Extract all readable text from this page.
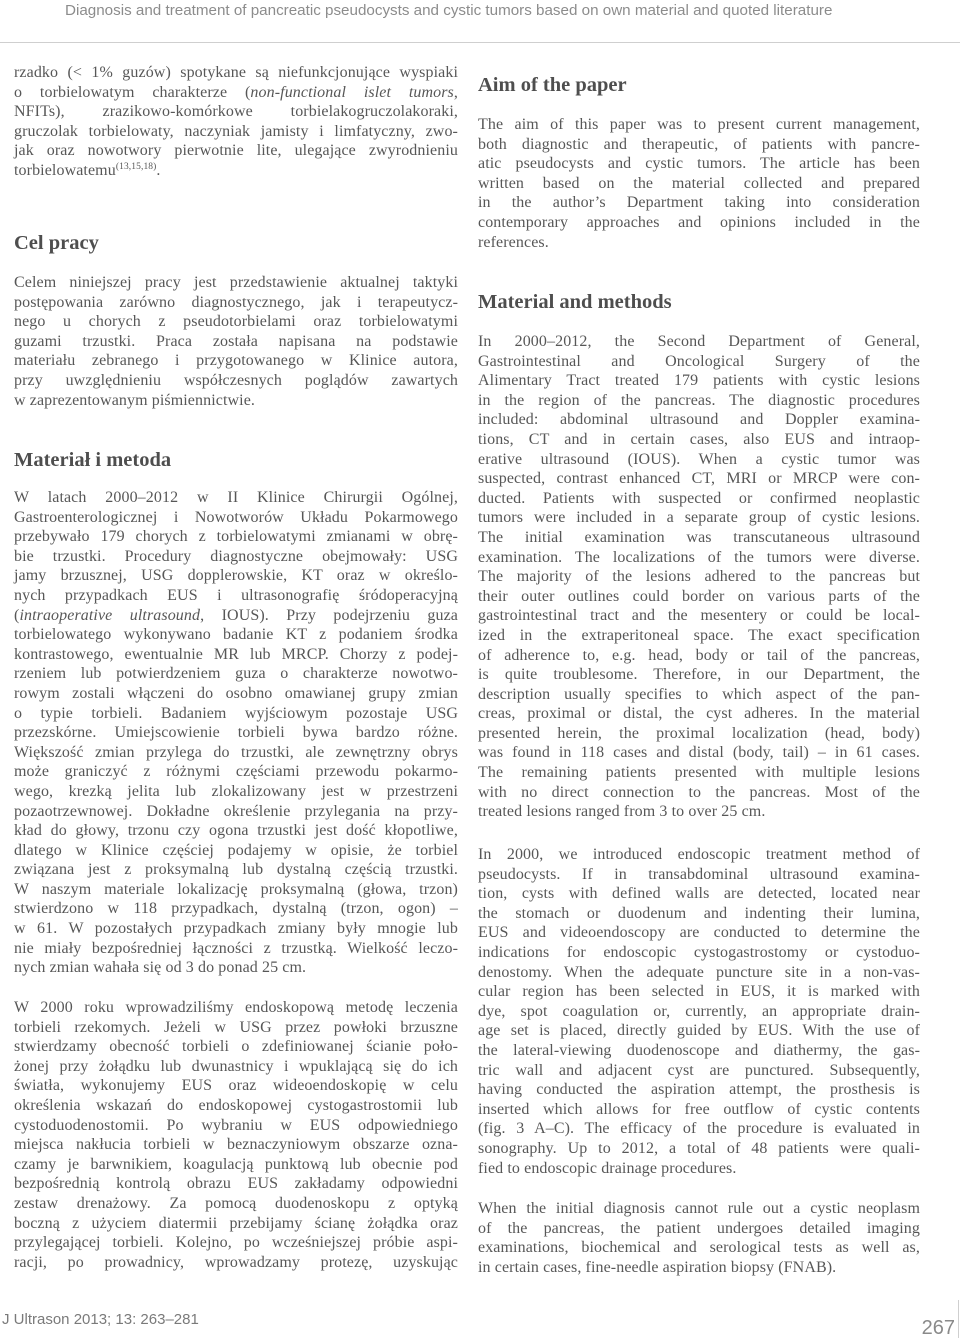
Diagnosis and treatment of pancreatic pseudocysts and cystic tumors based on own material and quoted literature
rzadko (< 1% guzów) spotykane są niefunkcjonujące wyspiaki
o torbielowatym charakterze (non-functional islet tumors,
NFITs), zrazikowo-komórkowe torbielakogruczolakoraki,
gruczolak torbielowaty, naczyniak jamisty i limfatyczny, zwo-
jak oraz nowotwory pierwotnie lite, ulegające zwyrodnieniu
torbielowatemu$^{(13,15,18)}$.
Cel pracy
Celem niniejszej pracy jest przedstawienie aktualnej taktyki
postępowania zarówno diagnostycznego, jak i terapeutycz-
nego u chorych z pseudotorbielami oraz torbielowatymi
guzami trzustki. Praca została napisana na podstawie
materiału zebranego i przygotowanego w Klinice autora,
przy uwzględnieniu współczesnych poglądów zawartych
w zaprezentowanym piśmiennictwie.
Materiał i metoda
W latach 2000–2012 w II Klinice Chirurgii Ogólnej,
Gastroenterologicznej i Nowotworów Układu Pokarmowego
przebywało 179 chorych z torbielowatymi zmianami w obrę-
bie trzustki. Procedury diagnostyczne obejmowały: USG
jamy brzusznej, USG dopplerowskie, KT oraz w określo-
nych przypadkach EUS i ultrasonografię śródoperacyjną
(intraoperative ultrasound, IOUS). Przy podejrzeniu guza
torbielowatego wykonywano badanie KT z podaniem środka
kontrastowego, ewentualnie MR lub MRCP. Chorzy z podej-
rzeniem lub potwierdzeniem guza o charakterze nowotwo-
rowym zostali włączeni do osobno omawianej grupy zmian
o typie torbieli. Badaniem wyjściowym pozostaje USG
przezskórne. Umiejscowienie torbieli bywa bardzo różne.
Większość zmian przylega do trzustki, ale zewnętrzny obrys
może graniczyć z różnymi częściami przewodu pokarmo-
wego, krezką jelita lub zlokalizowany jest w przestrzeni
pozaotrzewnowej. Dokładne określenie przylegania na przy-
kład do głowy, trzonu czy ogona trzustki jest dość kłopotliwe,
dlatego w Klinice częściej podajemy w opisie, że torbiel
związana jest z proksymalną lub dystalną częścią trzustki.
W naszym materiale lokalizację proksymalną (głowa, trzon)
stwierdzono w 118 przypadkach, dystalną (trzon, ogon) –
w 61. W pozostałych przypadkach zmiany były mnogie lub
nie miały bezpośredniej łączności z trzustką. Wielkość leczo-
nych zmian wahała się od 3 do ponad 25 cm.
W 2000 roku wprowadziliśmy endoskopową metodę leczenia
torbieli rzekomych. Jeżeli w USG przez powłoki brzuszne
stwierdzamy obecność torbieli o zdefiniowanej ścianie poło-
żonej przy żołądku lub dwunastnicy i wpuklającą się do ich
światła, wykonujemy EUS oraz wideoendoskopię w celu
określenia wskazań do endoskopowej cystogastrostomii lub
cystoduodenostomii. Po wybraniu w EUS odpowiedniego
miejsca nakłucia torbieli w beznaczyniowym obszarze ozna-
czamy je barwnikiem, koagulacją punktową lub obecnie pod
bezpośrednią kontrolą obrazu EUS zakładamy odpowiedni
zestaw drenażowy. Za pomocą duodenoskopu z optyką
boczną z użyciem diatermii przebijamy ścianę żołądka oraz
przylegającej torbieli. Kolejno, po wcześniejszej próbie aspi-
racji, po prowadnicy, wprowadzamy protezę, uzyskując
Aim of the paper
The aim of this paper was to present current management,
both diagnostic and therapeutic, of patients with pancre-
atic pseudocysts and cystic tumors. The article has been
written based on the material collected and prepared
in the author’s Department taking into consideration
contemporary approaches and opinions included in the
references.
Material and methods
In 2000–2012, the Second Department of General,
Gastrointestinal and Oncological Surgery of the
Alimentary Tract treated 179 patients with cystic lesions
in the region of the pancreas. The diagnostic procedures
included: abdominal ultrasound and Doppler examina-
tions, CT and in certain cases, also EUS and intraop-
erative ultrasound (IOUS). When a cystic tumor was
suspected, contrast enhanced CT, MRI or MRCP were con-
ducted. Patients with suspected or confirmed neoplastic
tumors were included in a separate group of cystic lesions.
The initial examination was transcutaneous ultrasound
examination. The localizations of the tumors were diverse.
The majority of the lesions adhered to the pancreas but
their outer outlines could border on various parts of the
gastrointestinal tract and the mesentery or could be local-
ized in the extraperitoneal space. The exact specification
of adherence to, e.g. head, body or tail of the pancreas,
is quite troublesome. Therefore, in our Department, the
description usually specifies to which aspect of the pan-
creas, proximal or distal, the cyst adheres. In the material
presented herein, the proximal localization (head, body)
was found in 118 cases and distal (body, tail) – in 61 cases.
The remaining patients presented with multiple lesions
with no direct connection to the pancreas. Most of the
treated lesions ranged from 3 to over 25 cm.
In 2000, we introduced endoscopic treatment method of
pseudocysts. If in transabdominal ultrasound examina-
tion, cysts with defined walls are detected, located near
the stomach or duodenum and indenting their lumina,
EUS and videoendoscopy are conducted to determine the
indications for endoscopic cystogastrostomy or cystoduo-
denostomy. When the adequate puncture site in a non-vas-
cular region has been selected in EUS, it is marked with
dye, spot coagulation or, currently, an appropriate drain-
age set is placed, directly guided by EUS. With the use of
the lateral-viewing duodenoscope and diathermy, the gas-
tric wall and adjacent cyst are punctured. Subsequently,
having conducted the aspiration attempt, the prosthesis is
inserted which allows for free outflow of cystic contents
(fig. 3 A–C). The efficacy of the procedure is evaluated in
sonography. Up to 2012, a total of 48 patients were quali-
fied to endoscopic drainage procedures.
When the initial diagnosis cannot rule out a cystic neoplasm
of the pancreas, the patient undergoes detailed imaging
examinations, biochemical and serological tests as well as,
in certain cases, fine-needle aspiration biopsy (FNAB).
J Ultrason 2013; 13: 263–281	267
